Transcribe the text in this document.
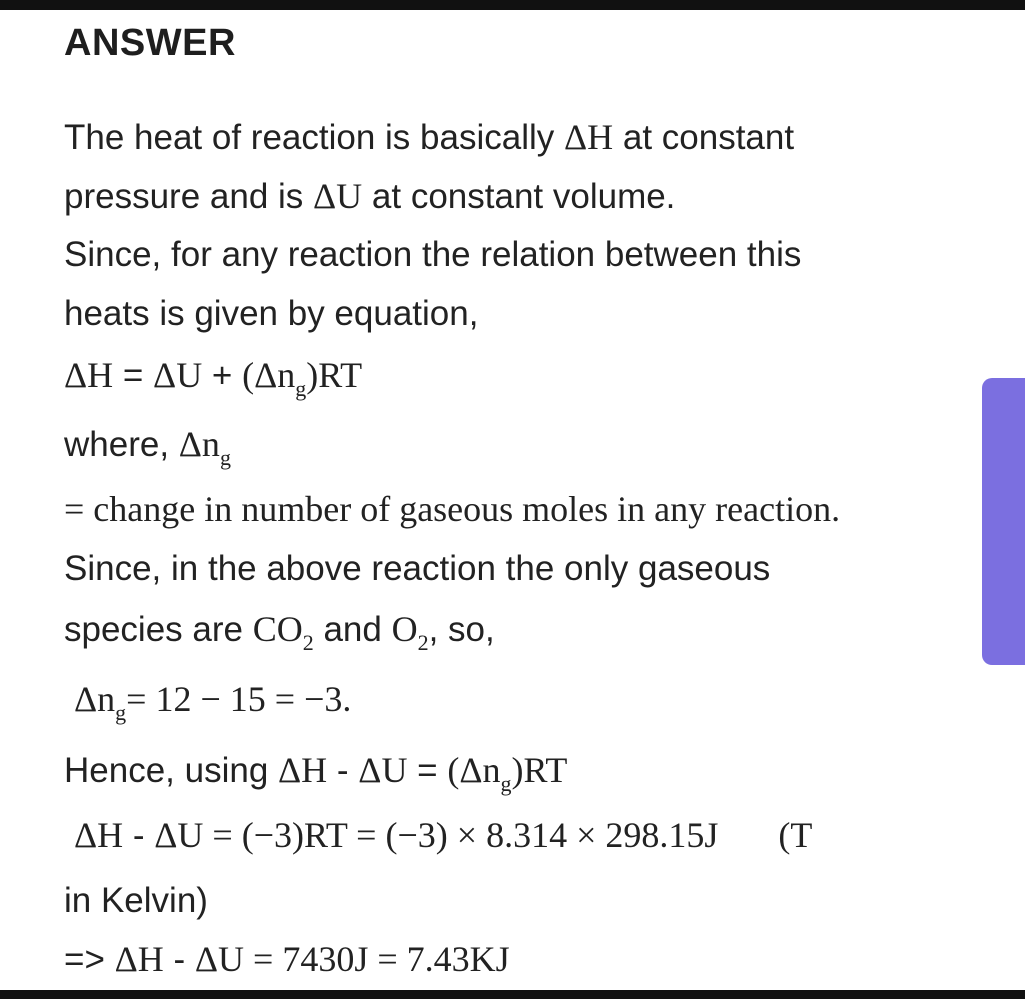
ANSWER
The heat of reaction is basically ΔH at constant
pressure and is ΔU at constant volume.
Since, for any reaction the relation between this
heats is given by equation,
$\Delta H = \Delta U + (\Delta n_g)RT$
where, $\Delta n_g$
= change in number of gaseous moles in any reaction.
Since, in the above reaction the only gaseous
species are $CO_2$ and $O_2$, so,
$\Delta n_g= 12 - 15 = -3$.
Hence, using $\Delta H - \Delta U = (\Delta n_g)RT$
ΔH - ΔU = (−3)RT = (−3) × 8.314 × 298.15J (T
in Kelvin)
=> ΔH - ΔU = 7430J = 7.43KJ
